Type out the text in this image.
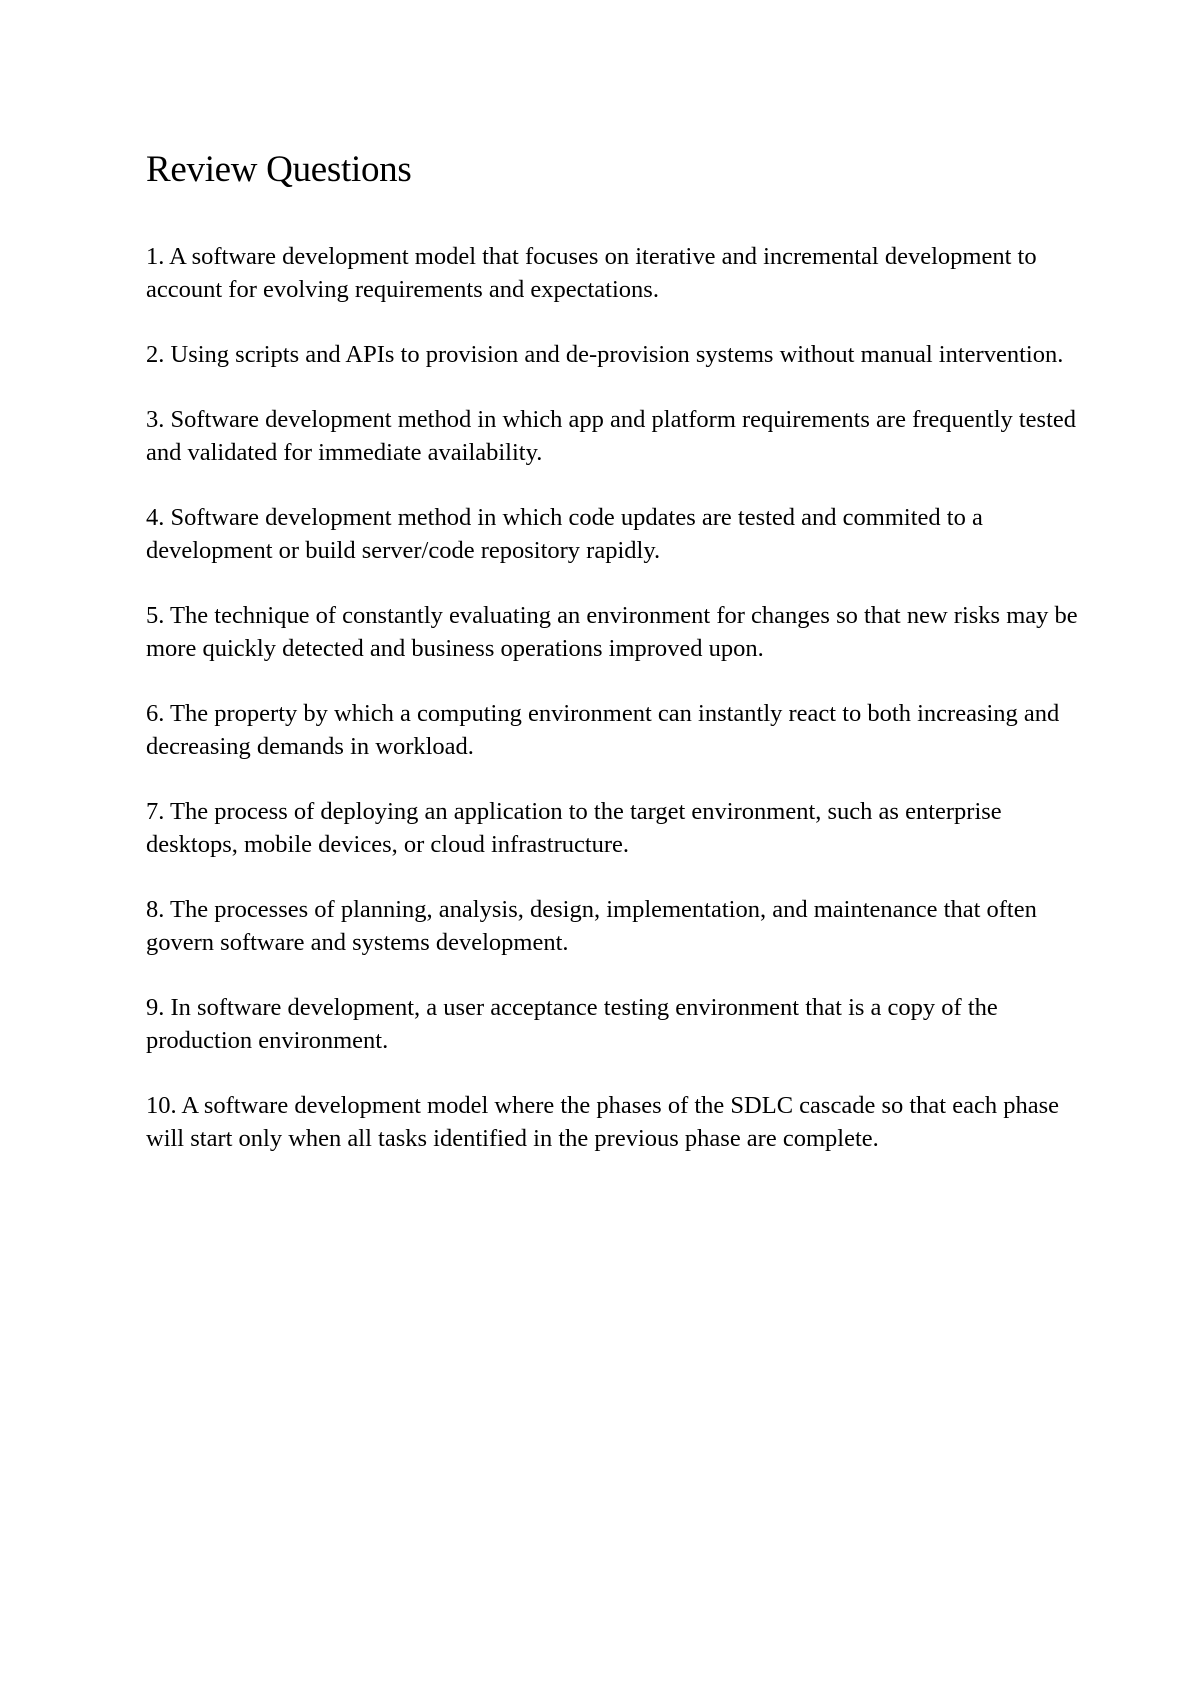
Review Questions
1. A software development model that focuses on iterative and incremental development to account for evolving requirements and expectations.
2. Using scripts and APIs to provision and de-provision systems without manual intervention.
3. Software development method in which app and platform requirements are frequently tested and validated for immediate availability.
4. Software development method in which code updates are tested and commited to a development or build server/code repository rapidly.
5. The technique of constantly evaluating an environment for changes so that new risks may be more quickly detected and business operations improved upon.
6. The property by which a computing environment can instantly react to both increasing and decreasing demands in workload.
7. The process of deploying an application to the target environment, such as enterprise desktops, mobile devices, or cloud infrastructure.
8. The processes of planning, analysis, design, implementation, and maintenance that often govern software and systems development.
9. In software development, a user acceptance testing environment that is a copy of the production environment.
10. A software development model where the phases of the SDLC cascade so that each phase will start only when all tasks identified in the previous phase are complete.
